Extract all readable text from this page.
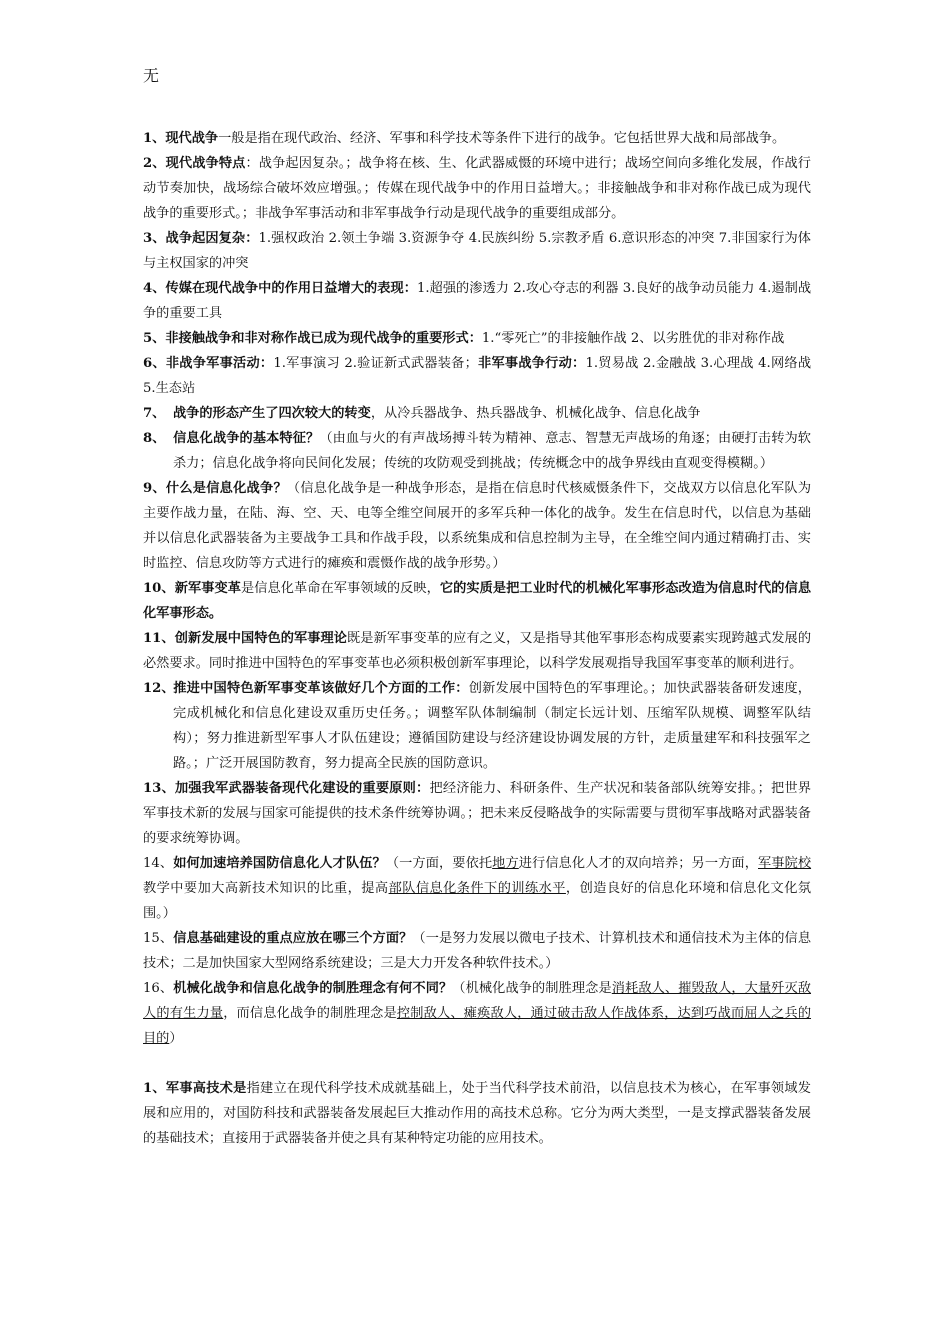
无

1、现代战争一般是指在现代政治、经济、军事和科学技术等条件下进行的战争。它包括世界大战和局部战争。

2、现代战争特点：战争起因复杂。；战争将在核、生、化武器威慑的环境中进行；战场空间向多维化发展，作战行动节奏加快，战场综合破坏效应增强。；传媒在现代战争中的作用日益增大。；非接触战争和非对称作战已成为现代战争的重要形式。；非战争军事活动和非军事战争行动是现代战争的重要组成部分。

3、战争起因复杂：1.强权政治 2.领土争端 3.资源争夺 4.民族纠纷 5.宗教矛盾 6.意识形态的冲突 7.非国家行为体与主权国家的冲突

4、传媒在现代战争中的作用日益增大的表现：1.超强的渗透力 2.攻心夺志的利器 3.良好的战争动员能力 4.遏制战争的重要工具

5、非接触战争和非对称作战已成为现代战争的重要形式：1.“零死亡”的非接触作战 2、以劣胜优的非对称作战

6、非战争军事活动：1.军事演习 2.验证新式武器装备；非军事战争行动：1.贸易战 2.金融战 3.心理战 4.网络战 5.生态站

7、 战争的形态产生了四次较大的转变，从冷兵器战争、热兵器战争、机械化战争、信息化战争

8、 信息化战争的基本特征？（由血与火的有声战场搏斗转为精神、意志、智慧无声战场的角逐；由硬打击转为软杀力；信息化战争将向民间化发展；传统的攻防观受到挑战；传统概念中的战争界线由直观变得模糊。）

9、什么是信息化战争？（信息化战争是一种战争形态，是指在信息时代核威慑条件下，交战双方以信息化军队为主要作战力量，在陆、海、空、天、电等全维空间展开的多军兵种一体化的战争。发生在信息时代，以信息为基础并以信息化武器装备为主要战争工具和作战手段，以系统集成和信息控制为主导，在全维空间内通过精确打击、实时监控、信息攻防等方式进行的瘫痪和震慑作战的战争形势。）

10、新军事变革是信息化革命在军事领域的反映，它的实质是把工业时代的机械化军事形态改造为信息时代的信息化军事形态。

11、创新发展中国特色的军事理论既是新军事变革的应有之义，又是指导其他军事形态构成要素实现跨越式发展的必然要求。同时推进中国特色的军事变革也必须积极创新军事理论，以科学发展观指导我国军事变革的顺利进行。

12、推进中国特色新军事变革该做好几个方面的工作：创新发展中国特色的军事理论。；加快武器装备研发速度，完成机械化和信息化建设双重历史任务。；调整军队体制编制（制定长远计划、压缩军队规模、调整军队结构）；努力推进新型军事人才队伍建设；遵循国防建设与经济建设协调发展的方针，走质量建军和科技强军之路。；广泛开展国防教育，努力提高全民族的国防意识。

13、加强我军武器装备现代化建设的重要原则：把经济能力、科研条件、生产状况和装备部队统筹安排。；把世界军事技术新的发展与国家可能提供的技术条件统筹协调。；把未来反侵略战争的实际需要与贯彻军事战略对武器装备的要求统筹协调。

14、如何加速培养国防信息化人才队伍？（一方面，要依托地方进行信息化人才的双向培养；另一方面，军事院校教学中要加大高新技术知识的比重，提高部队信息化条件下的训练水平，创造良好的信息化环境和信息化文化氛围。）

15、信息基础建设的重点应放在哪三个方面？（一是努力发展以微电子技术、计算机技术和通信技术为主体的信息技术；二是加快国家大型网络系统建设；三是大力开发各种软件技术。）

16、机械化战争和信息化战争的制胜理念有何不同？（机械化战争的制胜理念是消耗敌人、摧毁敌人，大量歼灭敌人的有生力量，而信息化战争的制胜理念是控制敌人、瘫痪敌人，通过破击敌人作战体系，达到巧战而屈人之兵的目的）

1、军事高技术是指建立在现代科学技术成就基础上，处于当代科学技术前沿，以信息技术为核心，在军事领域发展和应用的，对国防科技和武器装备发展起巨大推动作用的高技术总称。它分为两大类型，一是支撑武器装备发展的基础技术；直接用于武器装备并使之具有某种特定功能的应用技术。
